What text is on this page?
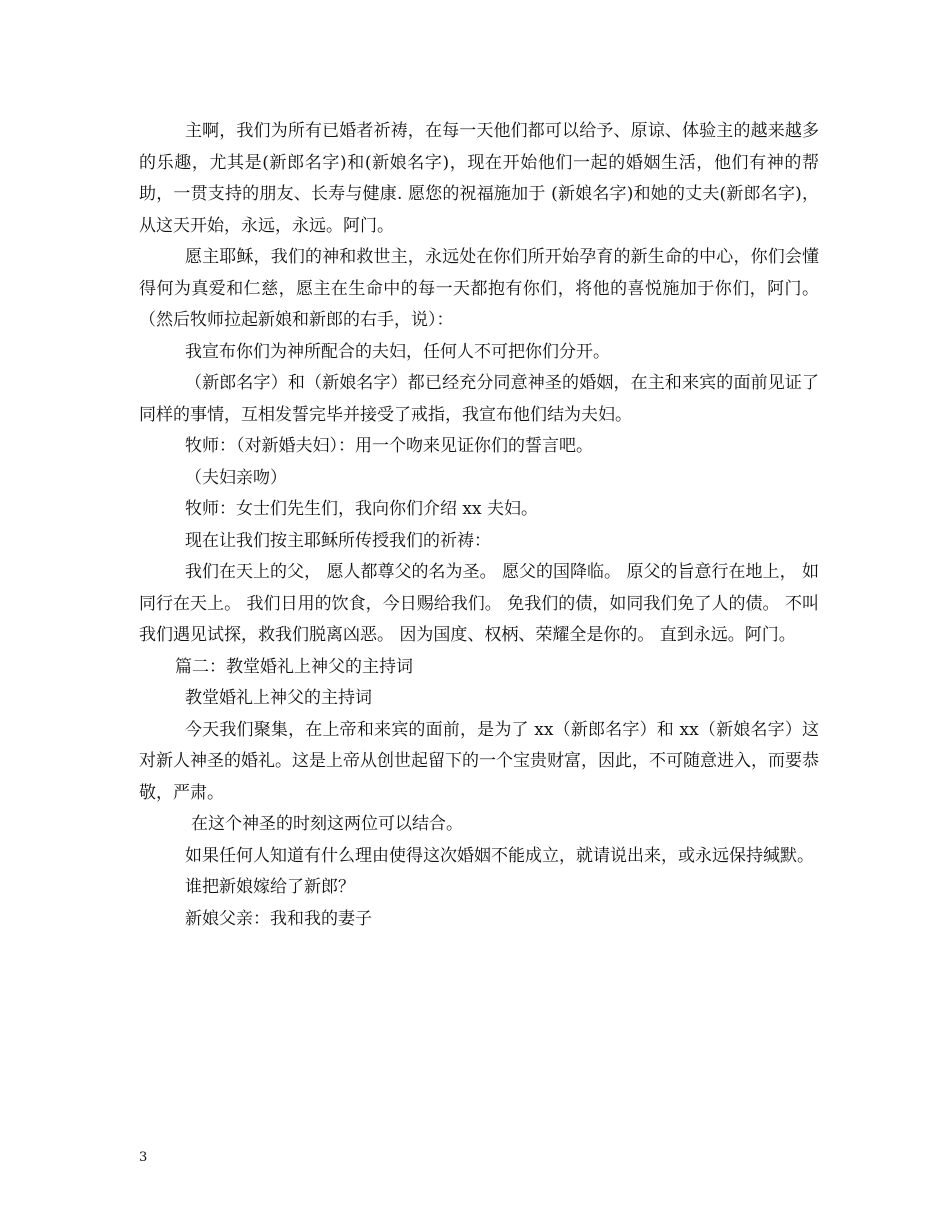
主啊，我们为所有已婚者祈祷，在每一天他们都可以给予、原谅、体验主的越来越多的乐趣，尤其是(新郎名字)和(新娘名字)，现在开始他们一起的婚姻生活，他们有神的帮助，一贯支持的朋友、长寿与健康. 愿您的祝福施加于 (新娘名字)和她的丈夫(新郎名字)，从这天开始，永远，永远。阿门。

愿主耶稣，我们的神和救世主，永远处在你们所开始孕育的新生命的中心，你们会懂得何为真爱和仁慈，愿主在生命中的每一天都抱有你们，将他的喜悦施加于你们，阿门。 （然后牧师拉起新娘和新郎的右手，说）：

我宣布你们为神所配合的夫妇，任何人不可把你们分开。

（新郎名字）和（新娘名字）都已经充分同意神圣的婚姻，在主和来宾的面前见证了同样的事情，互相发誓完毕并接受了戒指，我宣布他们结为夫妇。

牧师：（对新婚夫妇）：用一个吻来见证你们的誓言吧。

（夫妇亲吻）

牧师：女士们先生们，我向你们介绍 xx 夫妇。

现在让我们按主耶稣所传授我们的祈祷：

我们在天上的父， 愿人都尊父的名为圣。 愿父的国降临。 原父的旨意行在地上， 如同行在天上。 我们日用的饮食，今日赐给我们。 免我们的债，如同我们免了人的债。 不叫我们遇见试探，救我们脱离凶恶。 因为国度、权柄、荣耀全是你的。 直到永远。阿门。

篇二：教堂婚礼上神父的主持词

教堂婚礼上神父的主持词

今天我们聚集，在上帝和来宾的面前，是为了 xx（新郎名字）和 xx（新娘名字）这对新人神圣的婚礼。这是上帝从创世起留下的一个宝贵财富，因此，不可随意进入，而要恭敬，严肃。

在这个神圣的时刻这两位可以结合。

如果任何人知道有什么理由使得这次婚姻不能成立，就请说出来，或永远保持缄默。

谁把新娘嫁给了新郎？

新娘父亲：我和我的妻子

3
